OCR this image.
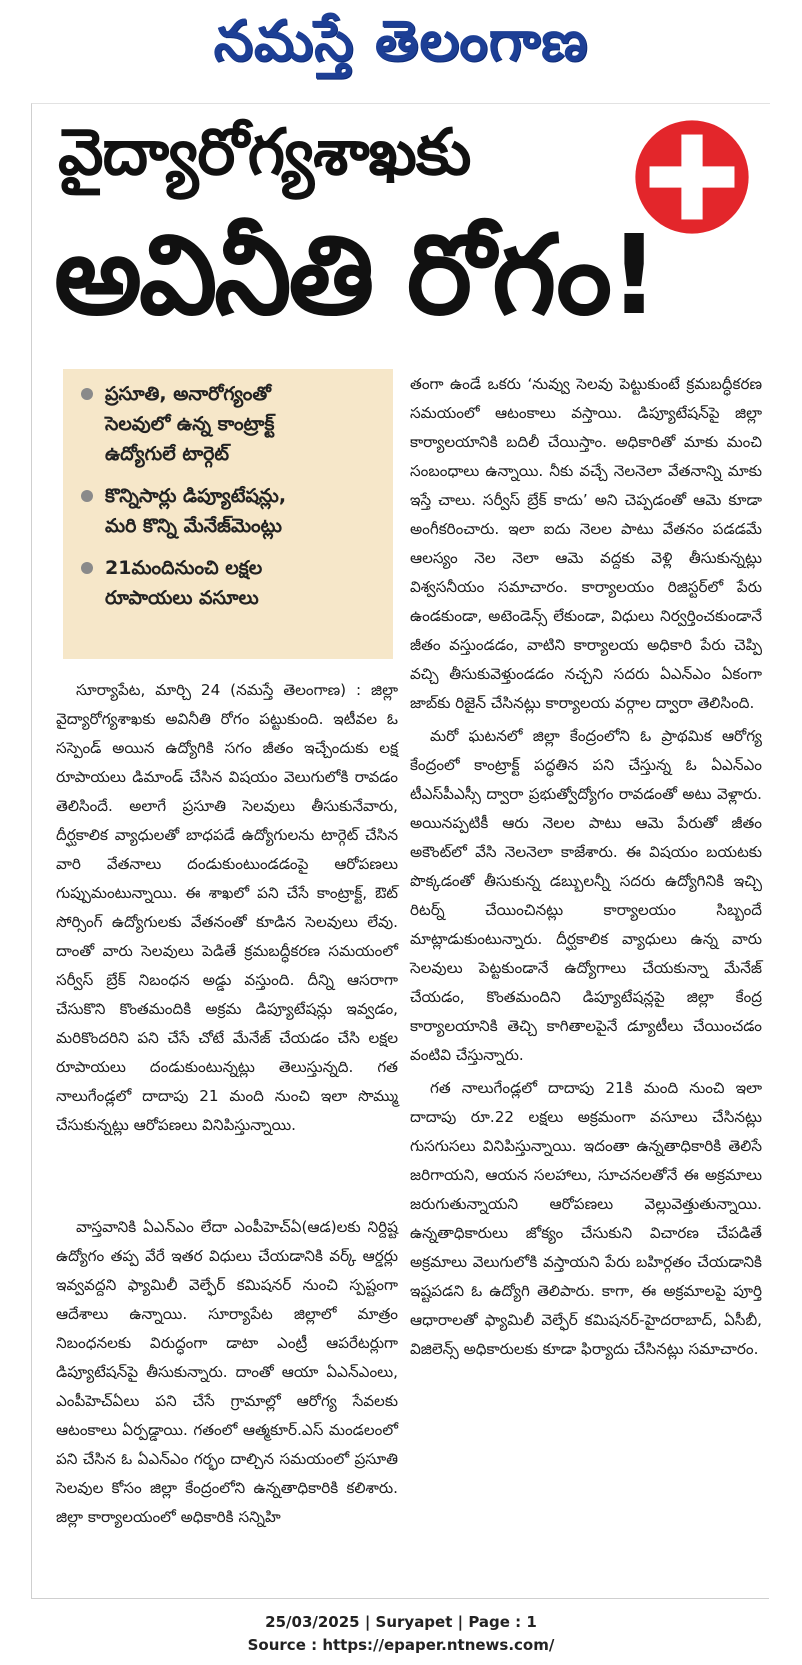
నమస్తే తెలంగాణ
వైద్యారోగ్యశాఖకు
అవినీతి రోగం!
ప్రసూతి, అనారోగ్యంతో
సెలవులో ఉన్న కాంట్రాక్ట్
ఉద్యోగులే టార్గెట్
కొన్నిసార్లు డిప్యూటేషన్లు,
మరి కొన్ని మేనేజ్‌మెంట్లు
21మందినుంచి లక్షల
రూపాయలు వసూలు

సూర్యాపేట, మార్చి 24 (నమస్తే తెలంగాణ) : జిల్లా వైద్యారోగ్యశాఖకు అవినీతి రోగం పట్టుకుంది. ఇటీవల ఓ సస్పెండ్ అయిన ఉద్యోగికి సగం జీతం ఇచ్చేందుకు లక్ష రూపాయలు డిమాండ్ చేసిన విషయం వెలుగులోకి రావడం తెలిసిందే. అలాగే ప్రసూతి సెలవులు తీసుకునేవారు, దీర్ఘకాలిక వ్యాధులతో బాధపడే ఉద్యోగులను టార్గెట్ చేసిన వారి వేతనాలు దండుకుంటుండడంపై ఆరోపణలు గుప్పుమంటున్నాయి. ఈ శాఖలో పని చేసే కాంట్రాక్ట్, ఔట్ సోర్సింగ్ ఉద్యోగులకు వేతనంతో కూడిన సెలవులు లేవు. దాంతో వారు సెలవులు పెడితే క్రమబద్ధీకరణ సమయంలో సర్వీస్ బ్రేక్ నిబంధన అడ్డు వస్తుంది. దీన్ని ఆసరాగా చేసుకొని కొంతమందికి అక్రమ డిప్యూటేషన్లు ఇవ్వడం, మరికొందరిని పని చేసే చోటే మేనేజ్ చేయడం చేసి లక్షల రూపాయలు దండుకుంటున్నట్లు తెలుస్తున్నది. గత నాలుగేండ్లలో దాదాపు 21 మంది నుంచి ఇలా సొమ్ము చేసుకున్నట్లు ఆరోపణలు వినిపిస్తున్నాయి.

వాస్తవానికి ఏఎన్ఎం లేదా ఎంపీహెచ్ఏ(ఆడ)లకు నిర్దిష్ట ఉద్యోగం తప్ప వేరే ఇతర విధులు చేయడానికి వర్క్ ఆర్డర్లు ఇవ్వవద్దని ఫ్యామిలీ వెల్ఫేర్ కమిషనర్ నుంచి స్పష్టంగా ఆదేశాలు ఉన్నాయి. సూర్యాపేట జిల్లాలో మాత్రం నిబంధనలకు విరుద్ధంగా డాటా ఎంట్రీ ఆపరేటర్లుగా డిప్యూటేషన్‌పై తీసుకున్నారు. దాంతో ఆయా ఏఎన్ఎంలు, ఎంపీహెచ్ఏలు పని చేసే గ్రామాల్లో ఆరోగ్య సేవలకు ఆటంకాలు ఏర్పడ్డాయి. గతంలో ఆత్మకూర్.ఎస్ మండలంలో పని చేసిన ఓ ఏఎన్ఎం గర్భం దాల్చిన సమయంలో ప్రసూతి సెలవుల కోసం జిల్లా కేంద్రంలోని ఉన్నతాధికారికి కలిశారు. జిల్లా కార్యాలయంలో అధికారికి సన్నిహి

తంగా ఉండే ఒకరు ‘నువ్వు సెలవు పెట్టుకుంటే క్రమబద్ధీకరణ సమయంలో ఆటంకాలు వస్తాయి. డిప్యూటేషన్‌పై జిల్లా కార్యాలయానికి బదిలీ చేయిస్తాం. అధికారితో మాకు మంచి సంబంధాలు ఉన్నాయి. నీకు వచ్చే నెలనెలా వేతనాన్ని మాకు ఇస్తే చాలు. సర్వీస్ బ్రేక్ కాదు’ అని చెప్పడంతో ఆమె కూడా అంగీకరించారు. ఇలా ఐదు నెలల పాటు వేతనం పడడమే ఆలస్యం నెల నెలా ఆమె వద్దకు వెళ్లి తీసుకున్నట్లు విశ్వసనీయం సమాచారం. కార్యాలయం రిజిస్టర్‌లో పేరు ఉండకుండా, అటెండెన్స్ లేకుండా, విధులు నిర్వర్తించకుండానే జీతం వస్తుండడం, వాటిని కార్యాలయ అధికారి పేరు చెప్పి వచ్చి తీసుకువెళ్తుండడం నచ్చని సదరు ఏఎన్ఎం ఏకంగా జాబ్‌కు రిజైన్ చేసినట్లు కార్యాలయ వర్గాల ద్వారా తెలిసింది.

మరో ఘటనలో జిల్లా కేంద్రంలోని ఓ ప్రాథమిక ఆరోగ్య కేంద్రంలో కాంట్రాక్ట్ పద్ధతిన పని చేస్తున్న ఓ ఏఎన్ఎం టీఎస్‌పీఎస్సీ ద్వారా ప్రభుత్వోద్యోగం రావడంతో అటు వెళ్లారు. అయినప్పటికీ ఆరు నెలల పాటు ఆమె పేరుతో జీతం అకౌంట్‌లో వేసి నెలనెలా కాజేశారు. ఈ విషయం బయటకు పొక్కడంతో తీసుకున్న డబ్బులన్నీ సదరు ఉద్యోగినికి ఇచ్చి రిటర్న్ చేయించినట్లు కార్యాలయం సిబ్బందే మాట్లాడుకుంటున్నారు. దీర్ఘకాలిక వ్యాధులు ఉన్న వారు సెలవులు పెట్టకుండానే ఉద్యోగాలు చేయకున్నా మేనేజ్ చేయడం, కొంతమందిని డిప్యూటేషన్లపై జిల్లా కేంద్ర కార్యాలయానికి తెచ్చి కాగితాలపైనే డ్యూటీలు చేయించడం వంటివి చేస్తున్నారు.

గత నాలుగేండ్లలో దాదాపు 21కి మంది నుంచి ఇలా దాదాపు రూ.22 లక్షలు అక్రమంగా వసూలు చేసినట్లు గుసగుసలు వినిపిస్తున్నాయి. ఇదంతా ఉన్నతాధికారికి తెలిసే జరిగాయని, ఆయన సలహాలు, సూచనలతోనే ఈ అక్రమాలు జరుగుతున్నాయని ఆరోపణలు వెల్లువెత్తుతున్నాయి. ఉన్నతాధికారులు జోక్యం చేసుకుని విచారణ చేపడితే అక్రమాలు వెలుగులోకి వస్తాయని పేరు బహిర్గతం చేయడానికి ఇష్టపడని ఓ ఉద్యోగి తెలిపారు. కాగా, ఈ అక్రమాలపై పూర్తి ఆధారాలతో ఫ్యామిలీ వెల్ఫేర్ కమిషనర్-హైదరాబాద్, ఏసీబీ, విజిలెన్స్ అధికారులకు కూడా ఫిర్యాదు చేసినట్లు సమాచారం.

25/03/2025 | Suryapet | Page : 1
Source : https://epaper.ntnews.com/
